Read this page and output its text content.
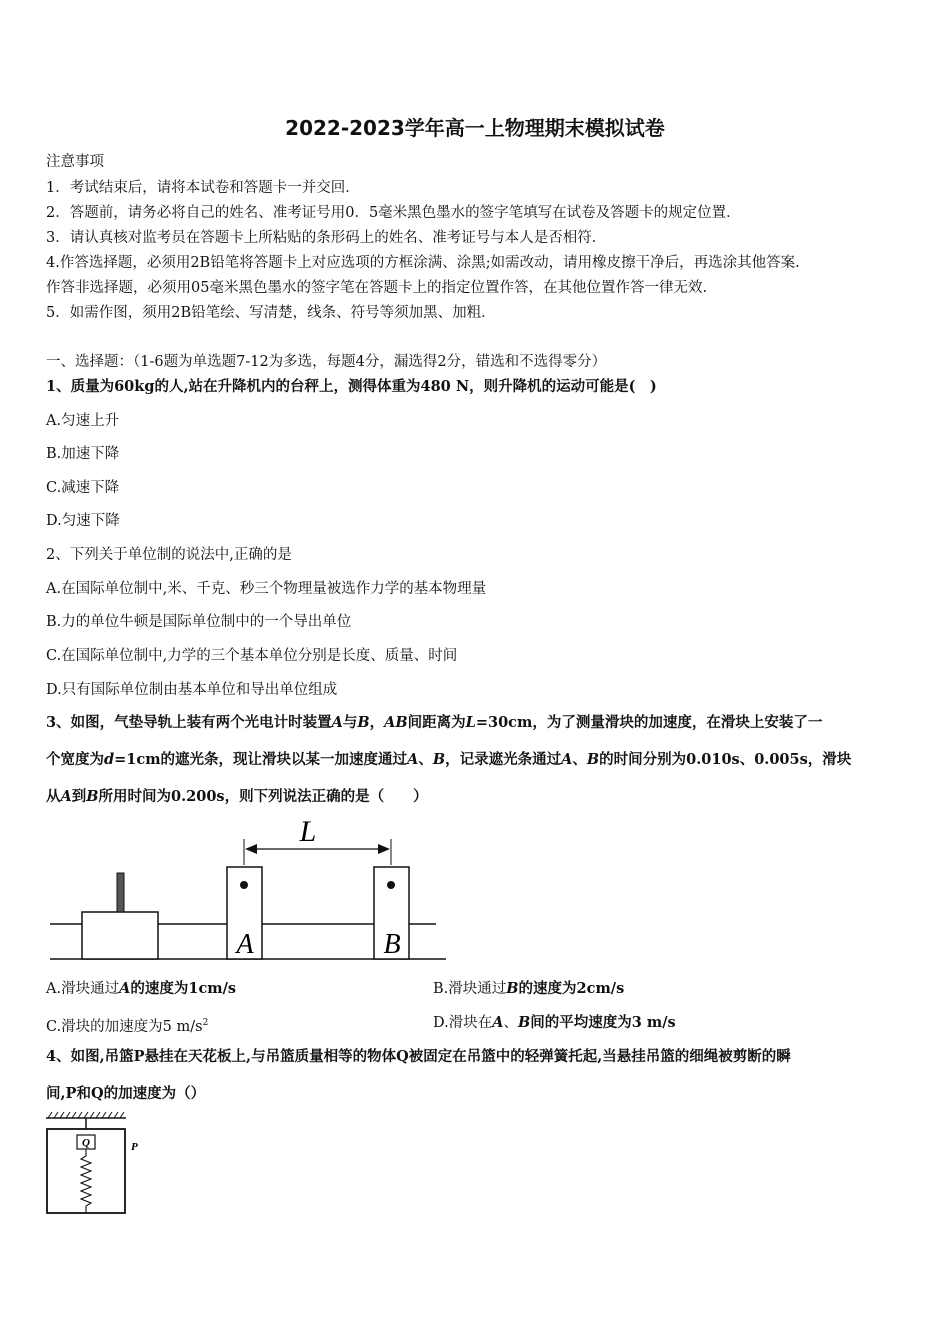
2022-2023学年高一上物理期末模拟试卷
注意事项
1．考试结束后，请将本试卷和答题卡一并交回．
2．答题前，请务必将自己的姓名、准考证号用0．5毫米黑色墨水的签字笔填写在试卷及答题卡的规定位置．
3．请认真核对监考员在答题卡上所粘贴的条形码上的姓名、准考证号与本人是否相符．
4.作答选择题，必须用2B铅笔将答题卡上对应选项的方框涂满、涂黑;如需改动，请用橡皮擦干净后，再选涂其他答案.
作答非选择题，必须用05毫米黑色墨水的签字笔在答题卡上的指定位置作答，在其他位置作答一律无效.
5．如需作图，须用2B铅笔绘、写清楚，线条、符号等须加黑、加粗．
一、选择题：（1-6题为单选题7-12为多选，每题4分，漏选得2分，错选和不选得零分）
1、质量为60kg的人,站在升降机内的台秤上，测得体重为480 N，则升降机的运动可能是(　)
A.匀速上升
B.加速下降
C.减速下降
D.匀速下降
2、下列关于单位制的说法中,正确的是
A.在国际单位制中,米、千克、秒三个物理量被选作力学的基本物理量
B.力的单位牛顿是国际单位制中的一个导出单位
C.在国际单位制中,力学的三个基本单位分别是长度、质量、时间
D.只有国际单位制由基本单位和导出单位组成
3、如图，气垫导轨上装有两个光电计时装置A与B，AB间距离为L=30cm，为了测量滑块的加速度，在滑块上安装了一
个宽度为d=1cm的遮光条，现让滑块以某一加速度通过A、B，记录遮光条通过A、B的时间分别为0.010s、0.005s，滑块
从A到B所用时间为0.200s，则下列说法正确的是（　　）
L
A	B
A.滑块通过A的速度为1cm/s	B.滑块通过B的速度为2cm/s
C.滑块的加速度为5 $m/s^2$	D.滑块在A、B间的平均速度为3 m/s
4、如图,吊篮P悬挂在天花板上,与吊篮质量相等的物体Q被固定在吊篮中的轻弹簧托起,当悬挂吊篮的细绳被剪断的瞬
间,P和Q的加速度为（）
Q	P
